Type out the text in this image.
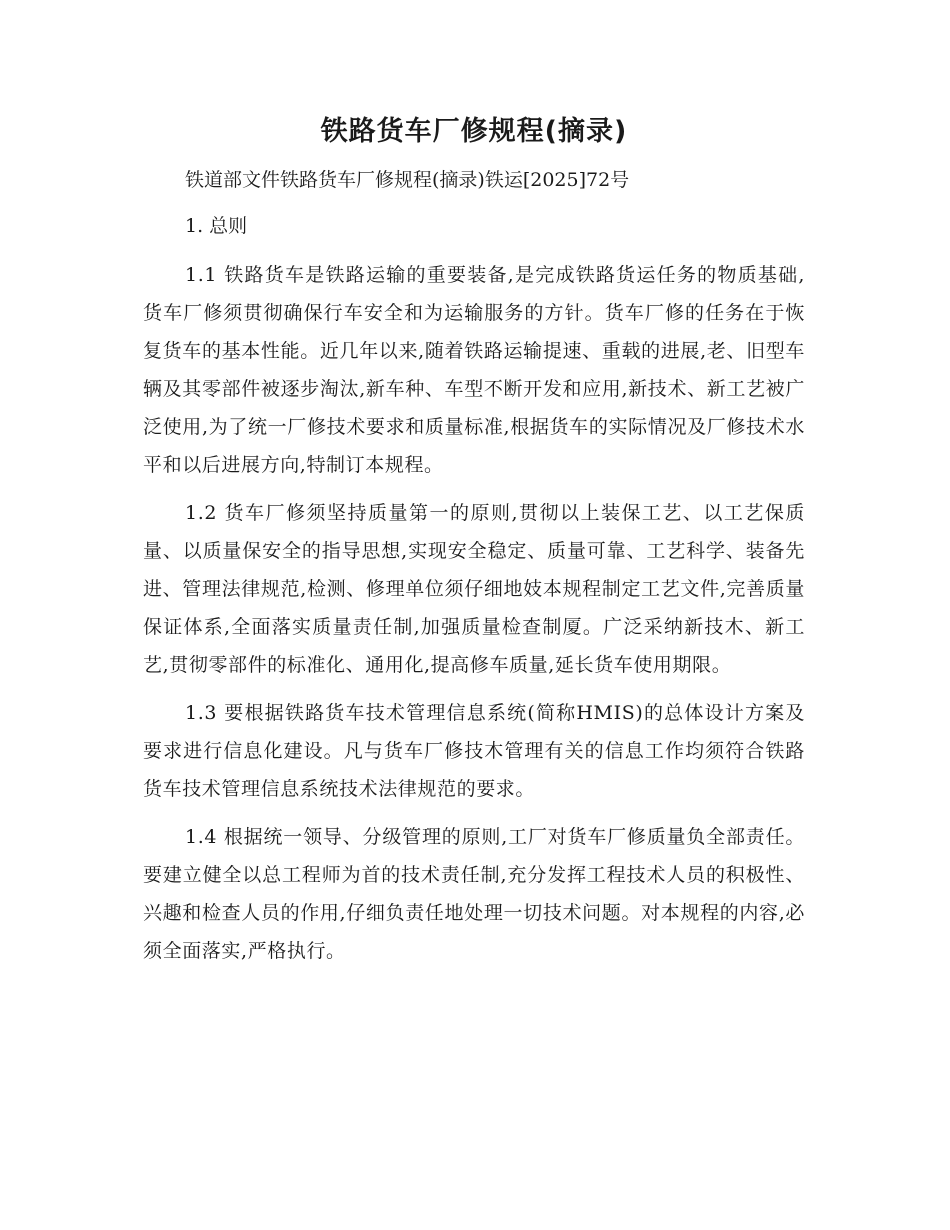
铁路货车厂修规程(摘录)

铁道部文件铁路货车厂修规程(摘录)铁运[2025]72号

1. 总则

1.1 铁路货车是铁路运输的重要装备,是完成铁路货运任务的物质基础,货车厂修须贯彻确保行车安全和为运输服务的方针。货车厂修的任务在于恢复货车的基本性能。近几年以来,随着铁路运输提速、重载的进展,老、旧型车辆及其零部件被逐步淘汰,新车种、车型不断开发和应用,新技术、新工艺被广泛使用,为了统一厂修技术要求和质量标准,根据货车的实际情况及厂修技术水平和以后进展方向,特制订本规程。

1.2 货车厂修须坚持质量第一的原则,贯彻以上装保工艺、以工艺保质量、以质量保安全的指导思想,实现安全稳定、质量可靠、工艺科学、装备先进、管理法律规范,检测、修理单位须仔细地妓本规程制定工艺文件,完善质量保证体系,全面落实质量责任制,加强质量检查制厦。广泛采纳新技木、新工艺,贯彻零部件的标准化、通用化,提高修车质量,延长货车使用期限。

1.3 要根据铁路货车技术管理信息系统(简称HMIS)的总体设计方案及要求进行信息化建设。凡与货车厂修技木管理有关的信息工作均须符合铁路货车技术管理信息系统技术法律规范的要求。

1.4 根据统一领导、分级管理的原则,工厂对货车厂修质量负全部责任。要建立健全以总工程师为首的技术责任制,充分发挥工程技术人员的积极性、兴趣和检查人员的作用,仔细负责任地处理一切技术问题。对本规程的内容,必须全面落实,严格执行。
